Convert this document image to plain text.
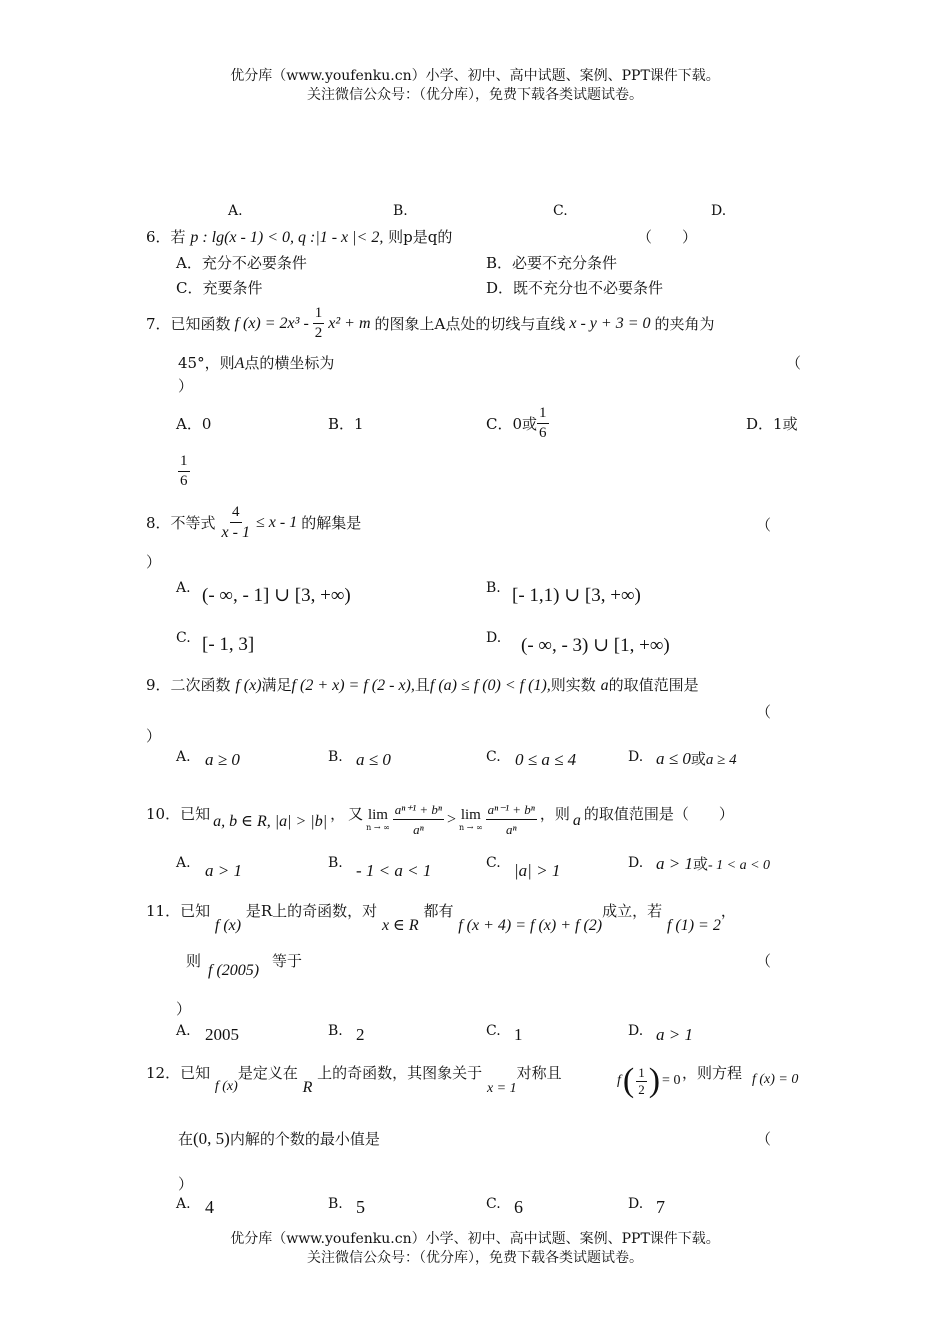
优分库（www.youfenku.cn）小学、初中、高中试题、案例、PPT课件下载。
关注微信公众号：（优分库），免费下载各类试题试卷。
A.	B.	C.	D.
6．若 p : lg(x - 1) < 0, q :|1 - x |< 2, 则p是q的	（　　）
A．充分不必要条件	B．必要不充分条件
C．充要条件	D．既不充分也不必要条件
7．已知函数 f $(x) = 2x^3 - \frac{1}{2} x^2 + m$ 的图象上A点处的切线与直线 x - y + 3 = 0 的夹角为
45°，则A点的横坐标为	（
）
A．0	B．1	C．0或 $\frac{1}{6}$	D．1或
$\frac{1}{6}$
8．不等式 $\frac{4}{x - 1} \le x - 1$ 的解集是	（
）
A. (- ∞, - 1] ∪ [3, +∞)	B. [- 1,1) ∪ [3, +∞)
C. [- 1, 3]	D. (- ∞, - 3) ∪ [1, +∞)
9．二次函数 f (x)满足f (2 + x) = f (2 - x),且f (a) ≤ f (0) < f (1),则实数 a的取值范围是
（
）
A. a ≥ 0	B. a ≤ 0	C. 0 ≤ a ≤ 4	D. a ≤ 0或a ≥ 4
10．已知 a, b ∈ R, |a| > |b| ， 又 lim
n → ∞ $\frac{\text{aⁿ⁺¹ + bⁿ}}{\text{aⁿ}} > \lim$
n → ∞ $\frac{\text{aⁿ⁻¹ + bⁿ}}{\text{aⁿ}}$ ，则 a 的取值范围是（　　）
A. a > 1	B. - 1 < a < 1	C. |a| > 1	D. a > 1或- 1 < a < 0
11．已知 f (x) 是R上的奇函数，对 x ∈ R 都有 f (x + 4) = f (x) + f (2)成立，若 f (1) = 2，
则
f (2005)
等于	（
）
A. 2005	B. 2	C. 1	D. a > 1
12．已知 f (x)是定义在 R 上的奇函数，其图象关于 x = 1对称且	f ( $\frac{1}{2}$ ) = 0 ，则方程 f (x) = 0
在(0, 5)内解的个数的最小值是	（
）
A. 4	B. 5	C. 6	D. 7
优分库（www.youfenku.cn）小学、初中、高中试题、案例、PPT课件下载。
关注微信公众号：（优分库），免费下载各类试题试卷。
